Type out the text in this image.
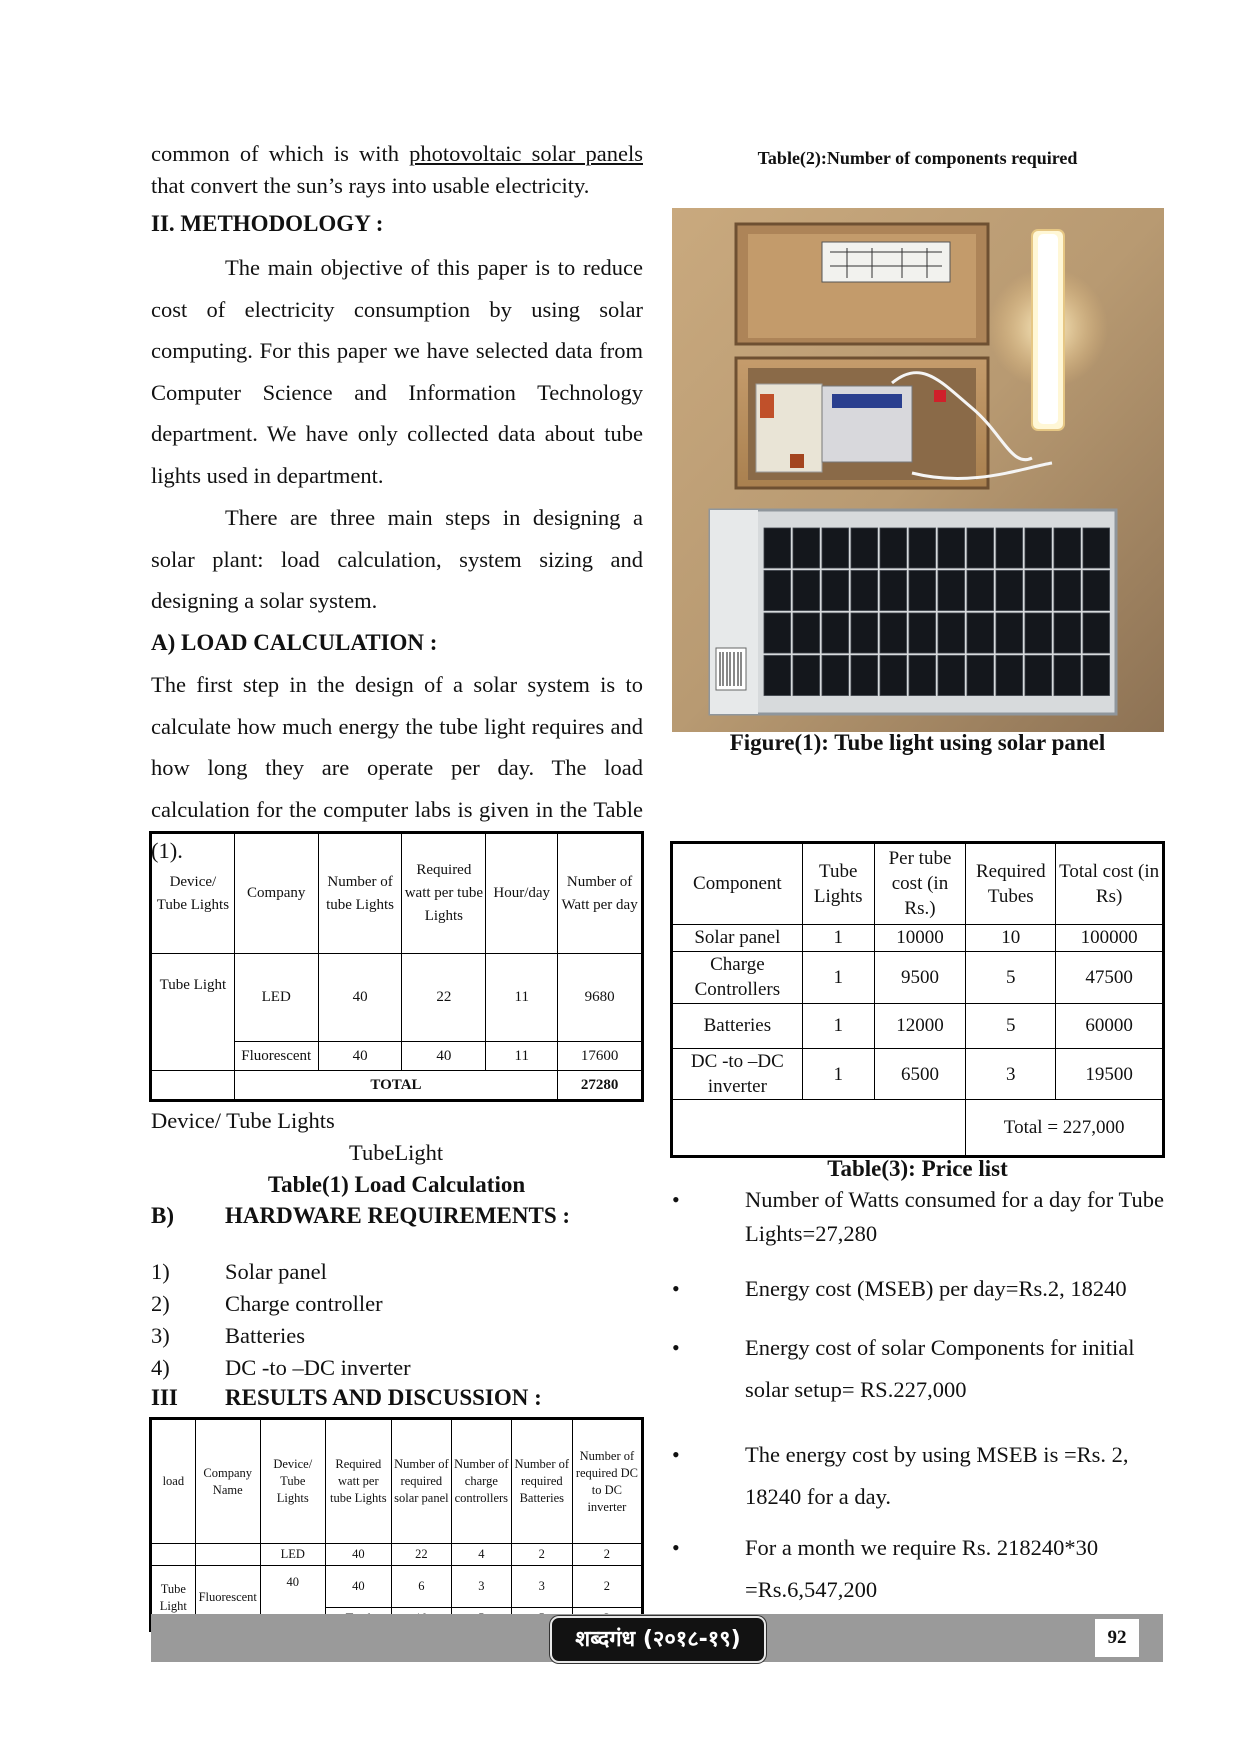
common of which is with photovoltaic solar panels that convert the sun’s rays into usable electricity.

II. METHODOLOGY :

The main objective of this paper is to reduce cost of electricity consumption by using solar computing. For this paper we have selected data from Computer Science and Information Technology department. We have only collected data about tube lights used in department.

There are three main steps in designing a solar plant: load calculation, system sizing and designing a solar system.

A) LOAD CALCULATION :

The first step in the design of a solar system is to calculate how much energy the tube light requires and how long they are operate per day. The load calculation for the computer labs is given in the Table (1).

Device/ Tube Lights	Company	Number of tube Lights	Required watt per tube Lights	Hour/day	Number of Watt per day
Tube Light	LED	40	22	11	9680
	Fluorescent	40	40	11	17600
	TOTAL				27280
Device/ Tube Lights
TubeLight
Table(1) Load Calculation
B) HARDWARE REQUIREMENTS :
1) Solar panel
2) Charge controller
3) Batteries
4) DC -to –DC inverter
III RESULTS AND DISCUSSION :
load	Company Name	Device/ Tube Lights	Required watt per tube Lights	Number of required solar panel	Number of charge controllers	Number of required Batteries	Number of required DC to DC inverter
		LED	40	22	4	2	2
Tube Light	Fluorescent	40	40	6	3	3	2

Table(2):Number of components required
Figure(1): Tube light using solar panel
Component	Tube Lights	Per tube cost (in Rs.)	Required Tubes	Total cost (in Rs)
Solar panel	1	10000	10	100000
Charge Controllers	1	9500	5	47500
Batteries	1	12000	5	60000
DC -to –DC inverter	1	6500	3	19500
			Total = 227,000	
Table(3): Price list
•	Number of Watts consumed for a day for Tube Lights=27,280
•	Energy cost (MSEB) per day=Rs.2, 18240
•	Energy cost of solar Components for initial solar setup= RS.227,000
•	The energy cost by using MSEB is =Rs. 2, 18240 for a day.
•	For a month we require Rs. 218240*30 =Rs.6,547,200
शब्दगंध (२०१८-१९)	92
